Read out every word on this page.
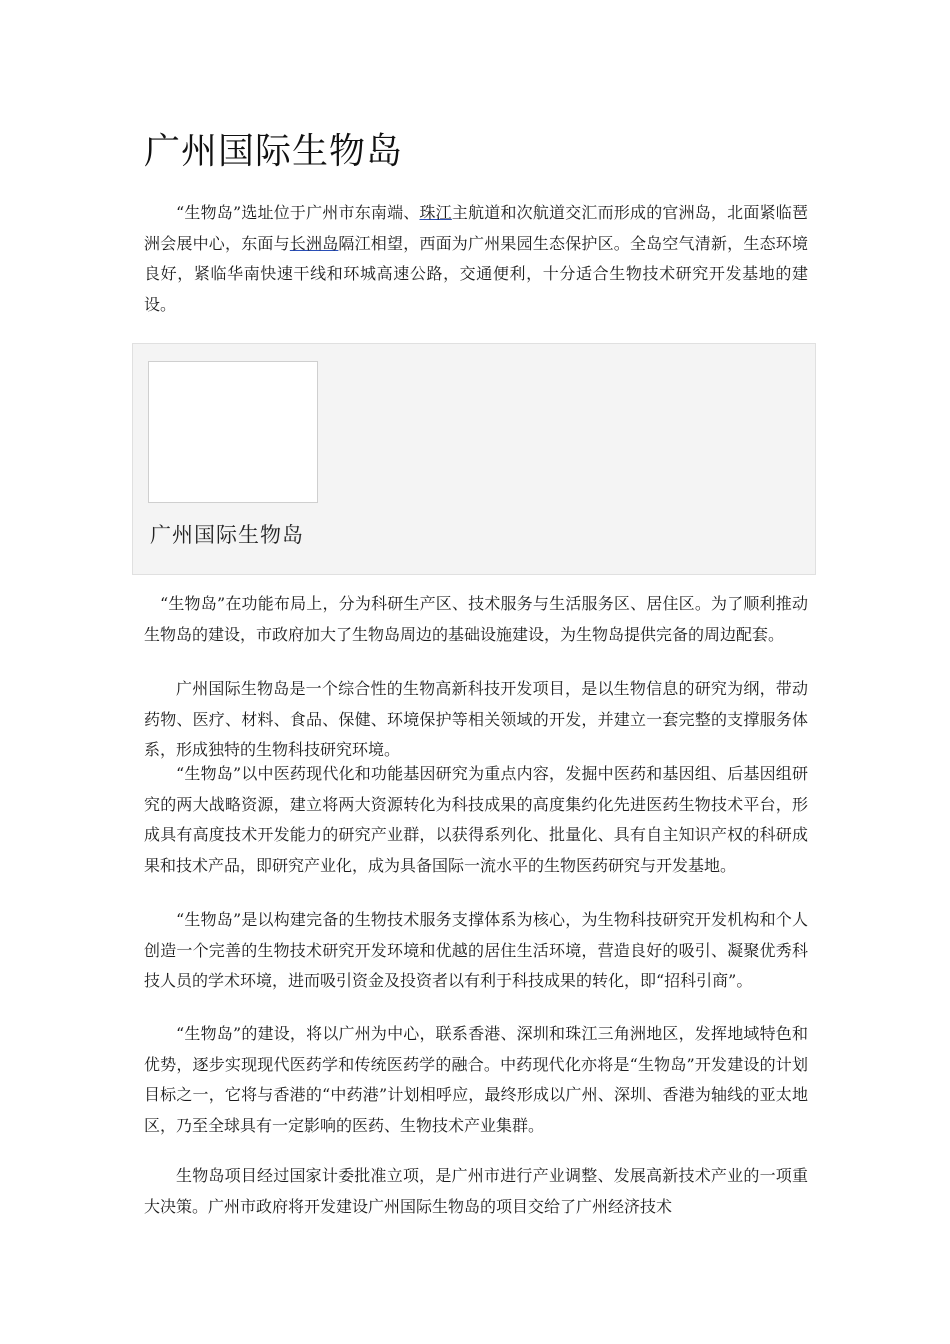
广州国际生物岛

“生物岛”选址位于广州市东南端、珠江主航道和次航道交汇而形成的官洲岛，北面紧临琶洲会展中心，东面与长洲岛隔江相望，西面为广州果园生态保护区。全岛空气清新，生态环境良好，紧临华南快速干线和环城高速公路，交通便利，十分适合生物技术研究开发基地的建设。

广州国际生物岛

“生物岛”在功能布局上，分为科研生产区、技术服务与生活服务区、居住区。为了顺利推动生物岛的建设，市政府加大了生物岛周边的基础设施建设，为生物岛提供完备的周边配套。

广州国际生物岛是一个综合性的生物高新科技开发项目，是以生物信息的研究为纲，带动药物、医疗、材料、食品、保健、环境保护等相关领域的开发，并建立一套完整的支撑服务体系，形成独特的生物科技研究环境。

“生物岛”以中医药现代化和功能基因研究为重点内容，发掘中医药和基因组、后基因组研究的两大战略资源，建立将两大资源转化为科技成果的高度集约化先进医药生物技术平台，形成具有高度技术开发能力的研究产业群，以获得系列化、批量化、具有自主知识产权的科研成果和技术产品，即研究产业化，成为具备国际一流水平的生物医药研究与开发基地。

“生物岛”是以构建完备的生物技术服务支撑体系为核心，为生物科技研究开发机构和个人创造一个完善的生物技术研究开发环境和优越的居住生活环境，营造良好的吸引、凝聚优秀科技人员的学术环境，进而吸引资金及投资者以有利于科技成果的转化，即“招科引商”。

“生物岛”的建设，将以广州为中心，联系香港、深圳和珠江三角洲地区，发挥地域特色和优势，逐步实现现代医药学和传统医药学的融合。中药现代化亦将是“生物岛”开发建设的计划目标之一，它将与香港的“中药港”计划相呼应，最终形成以广州、深圳、香港为轴线的亚太地区，乃至全球具有一定影响的医药、生物技术产业集群。

生物岛项目经过国家计委批准立项，是广州市进行产业调整、发展高新技术产业的一项重大决策。广州市政府将开发建设广州国际生物岛的项目交给了广州经济技术
